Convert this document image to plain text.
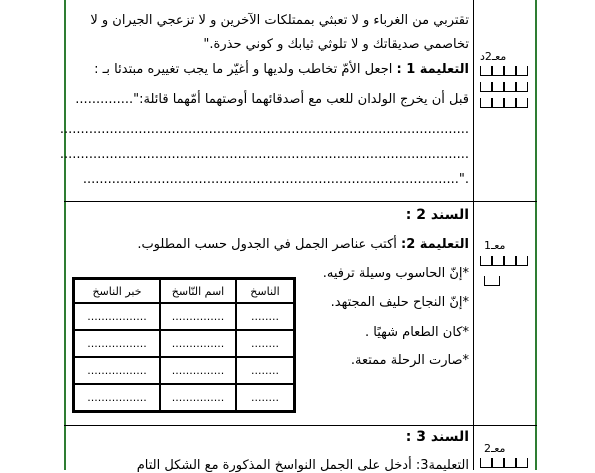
تقتربي من الغرباء و لا تعبثي بممتلكات الآخرين و لا تزعجي الجيران و لا
تخاصمي صديقاتك و لا تلوثي ثيابك و كوني حذرة."
التعليمة 1 : اجعل الأمّ تخاطب ولديها و أغيّر ما يجب تغييره مبتدئا بـ :
قبل أن يخرج الولدان للعب مع أصدقائهما أوصتهما أمّهما قائلة:"..............
...................................................................................................
...................................................................................................
."...........................................................................................
معـ2د
السند 2 :
التعليمة 2: أكتب عناصر الجمل في الجدول حسب المطلوب.
*إنّ الحاسوب وسيلة ترفيه.
*إنّ النجاح حليف المجتهد.
*كان الطعام شهيًا .
*صارت الرحلة ممتعة.
الناسخ	اسم النّاسخ	خبر الناسخ
........	...............	.................
........	...............	.................
........	...............	.................
........	...............	.................
معـ1
السند 3 :
التعليمة3: أدخل على الجمل النواسخ المذكورة مع الشكل التام
معـ2
